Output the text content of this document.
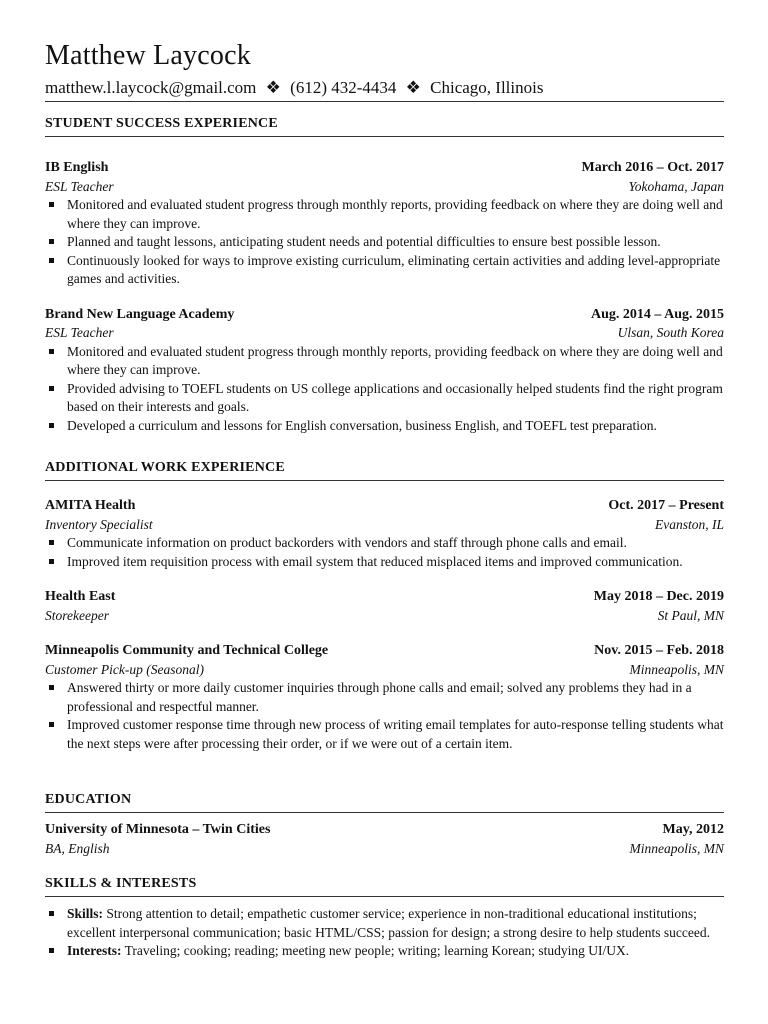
Matthew Laycock
matthew.l.laycock@gmail.com ❖ (612) 432-4434 ❖ Chicago, Illinois
STUDENT SUCCESS EXPERIENCE
IB English	March 2016 – Oct. 2017
ESL Teacher	Yokohama, Japan
Monitored and evaluated student progress through monthly reports, providing feedback on where they are doing well and where they can improve.
Planned and taught lessons, anticipating student needs and potential difficulties to ensure best possible lesson.
Continuously looked for ways to improve existing curriculum, eliminating certain activities and adding level-appropriate games and activities.
Brand New Language Academy	Aug. 2014 – Aug. 2015
ESL Teacher	Ulsan, South Korea
Monitored and evaluated student progress through monthly reports, providing feedback on where they are doing well and where they can improve.
Provided advising to TOEFL students on US college applications and occasionally helped students find the right program based on their interests and goals.
Developed a curriculum and lessons for English conversation, business English, and TOEFL test preparation.
ADDITIONAL WORK EXPERIENCE
AMITA Health	Oct. 2017 – Present
Inventory Specialist	Evanston, IL
Communicate information on product backorders with vendors and staff through phone calls and email.
Improved item requisition process with email system that reduced misplaced items and improved communication.
Health East	May 2018 – Dec. 2019
Storekeeper	St Paul, MN
Minneapolis Community and Technical College	Nov. 2015 – Feb. 2018
Customer Pick-up (Seasonal)	Minneapolis, MN
Answered thirty or more daily customer inquiries through phone calls and email; solved any problems they had in a professional and respectful manner.
Improved customer response time through new process of writing email templates for auto-response telling students what the next steps were after processing their order, or if we were out of a certain item.
EDUCATION
University of Minnesota – Twin Cities	May, 2012
BA, English	Minneapolis, MN
SKILLS & INTERESTS
Skills: Strong attention to detail; empathetic customer service; experience in non-traditional educational institutions; excellent interpersonal communication; basic HTML/CSS; passion for design; a strong desire to help students succeed.
Interests: Traveling; cooking; reading; meeting new people; writing; learning Korean; studying UI/UX.
